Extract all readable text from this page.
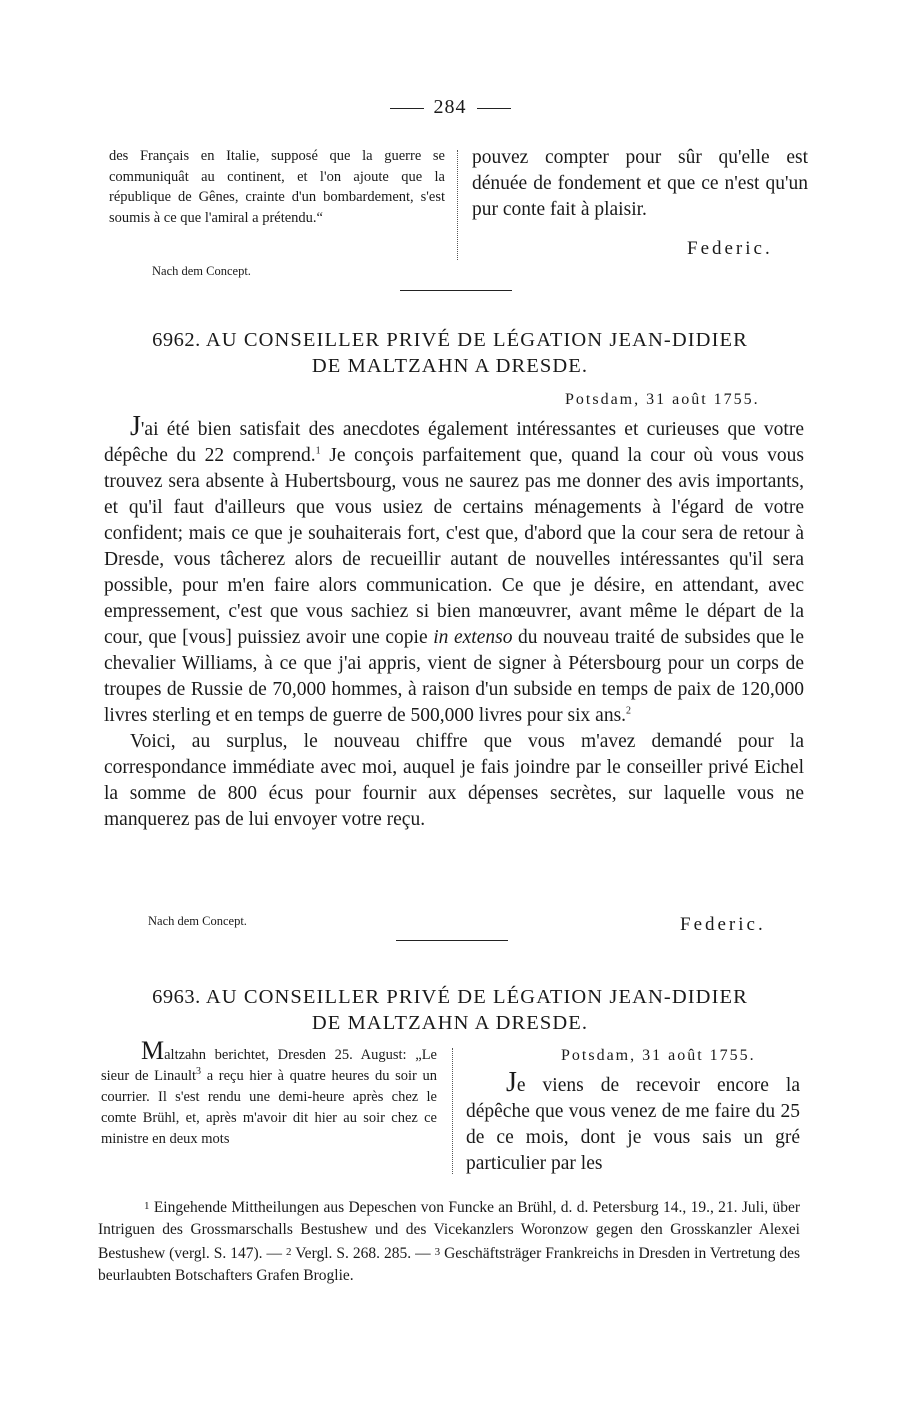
284
des Français en Italie, supposé que la guerre se communiquât au continent, et l'on ajoute que la république de Gênes, crainte d'un bombardement, s'est soumis à ce que l'amiral a prétendu.“
Nach dem Concept.
pouvez compter pour sûr qu'elle est dénuée de fondement et que ce n'est qu'un pur conte fait à plaisir.
Federic.
6962. AU CONSEILLER PRIVÉ DE LÉGATION JEAN-DIDIER
DE MALTZAHN A DRESDE.
Potsdam, 31 août 1755.

J'ai été bien satisfait des anecdotes également intéressantes et curieuses que votre dépêche du 22 comprend.$^1$ Je conçois parfaitement que, quand la cour où vous vous trouvez sera absente à Hubertsbourg, vous ne saurez pas me donner des avis importants, et qu'il faut d'ailleurs que vous usiez de certains ménagements à l'égard de votre confident; mais ce que je souhaiterais fort, c'est que, d'abord que la cour sera de retour à Dresde, vous tâcherez alors de recueillir autant de nouvelles intéressantes qu'il sera possible, pour m'en faire alors communication. Ce que je désire, en attendant, avec empressement, c'est que vous sachiez si bien manœuvrer, avant même le départ de la cour, que [vous] puissiez avoir une copie in extenso du nouveau traité de subsides que le chevalier Williams, à ce que j'ai appris, vient de signer à Pétersbourg pour un corps de troupes de Russie de 70,000 hommes, à raison d'un subside en temps de paix de 120,000 livres sterling et en temps de guerre de 500,000 livres pour six ans.$^2$

Voici, au surplus, le nouveau chiffre que vous m'avez demandé pour la correspondance immédiate avec moi, auquel je fais joindre par le conseiller privé Eichel la somme de 800 écus pour fournir aux dépenses secrètes, sur laquelle vous ne manquerez pas de lui envoyer votre reçu.

Nach dem Concept.	Federic.
6963. AU CONSEILLER PRIVÉ DE LÉGATION JEAN-DIDIER
DE MALTZAHN A DRESDE.
Maltzahn berichtet, Dresden 25. August: „Le sieur de Linault$^3$ a reçu hier à quatre heures du soir un courrier. Il s'est rendu une demi-heure après chez le comte Brühl, et, après m'avoir dit hier au soir chez ce ministre en deux mots
Potsdam, 31 août 1755.
Je viens de recevoir encore la dépêche que vous venez de me faire du 25 de ce mois, dont je vous sais un gré particulier par les
1 Eingehende Mittheilungen aus Depeschen von Funcke an Brühl, d. d. Petersburg 14., 19., 21. Juli, über Intriguen des Grossmarschalls Bestushew und des Vicekanzlers Woronzow gegen den Grosskanzler Alexei Bestushew (vergl. S. 147). — 2 Vergl. S. 268. 285. — 3 Geschäftsträger Frankreichs in Dresden in Vertretung des beurlaubten Botschafters Grafen Broglie.
